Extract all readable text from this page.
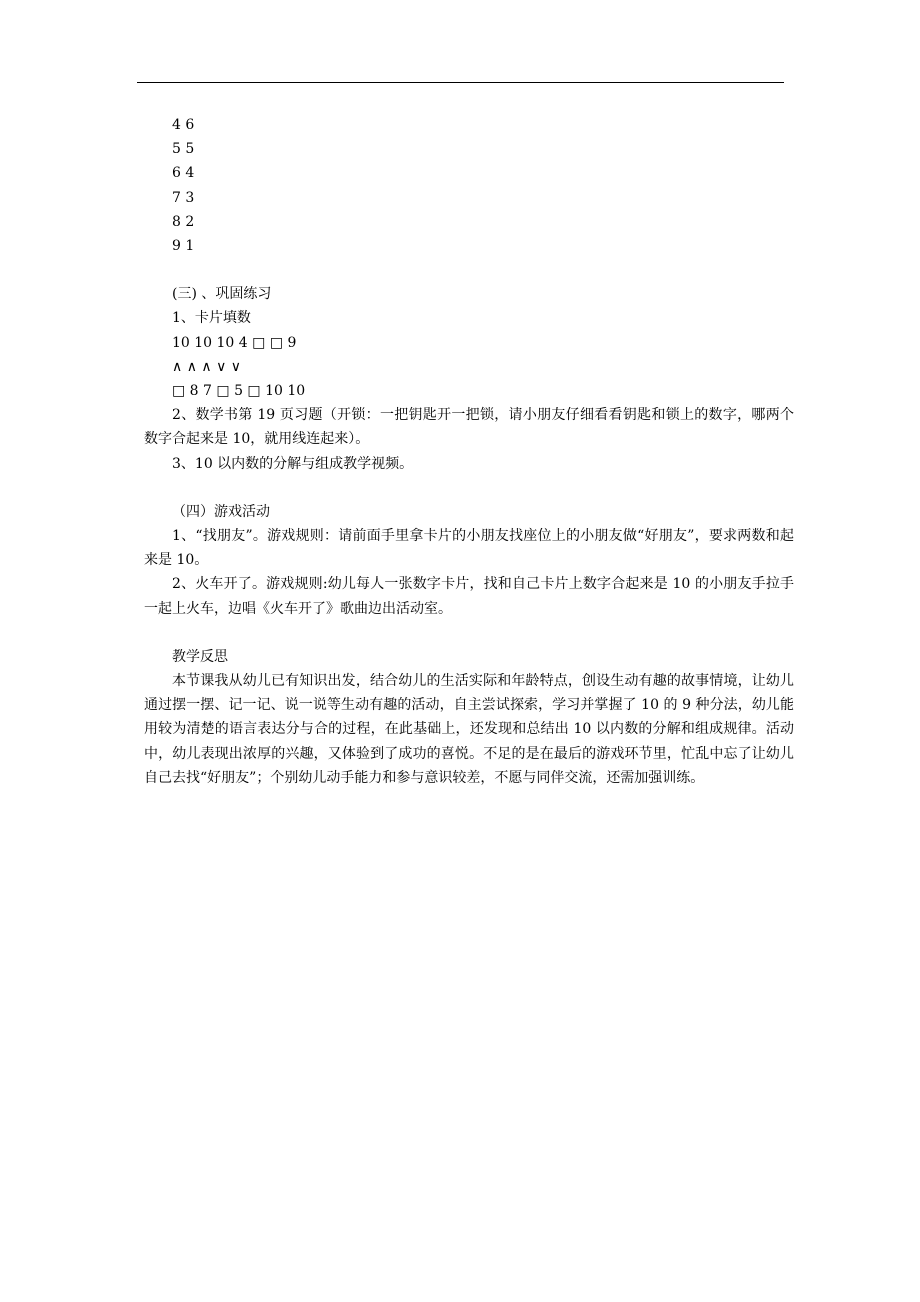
4 6
5 5
6 4
7 3
8 2
9 1
(三) 、巩固练习
1、卡片填数
10 10 10 4 □ □ 9
∧ ∧ ∧ ∨ ∨
□ 8 7 □ 5 □ 10 10

2、数学书第 19 页习题（开锁：一把钥匙开一把锁，请小朋友仔细看看钥匙和锁上的数字，哪两个数字合起来是 10，就用线连起来）。

3、10 以内数的分解与组成教学视频。

（四）游戏活动

1、“找朋友”。游戏规则：请前面手里拿卡片的小朋友找座位上的小朋友做“好朋友”，要求两数和起来是 10。

2、火车开了。游戏规则:幼儿每人一张数字卡片，找和自己卡片上数字合起来是 10 的小朋友手拉手一起上火车，边唱《火车开了》歌曲边出活动室。

教学反思

本节课我从幼儿已有知识出发，结合幼儿的生活实际和年龄特点，创设生动有趣的故事情境，让幼儿通过摆一摆、记一记、说一说等生动有趣的活动，自主尝试探索，学习并掌握了 10 的 9 种分法，幼儿能用较为清楚的语言表达分与合的过程，在此基础上，还发现和总结出 10 以内数的分解和组成规律。活动中，幼儿表现出浓厚的兴趣，又体验到了成功的喜悦。不足的是在最后的游戏环节里，忙乱中忘了让幼儿自己去找“好朋友”；个别幼儿动手能力和参与意识较差，不愿与同伴交流，还需加强训练。
